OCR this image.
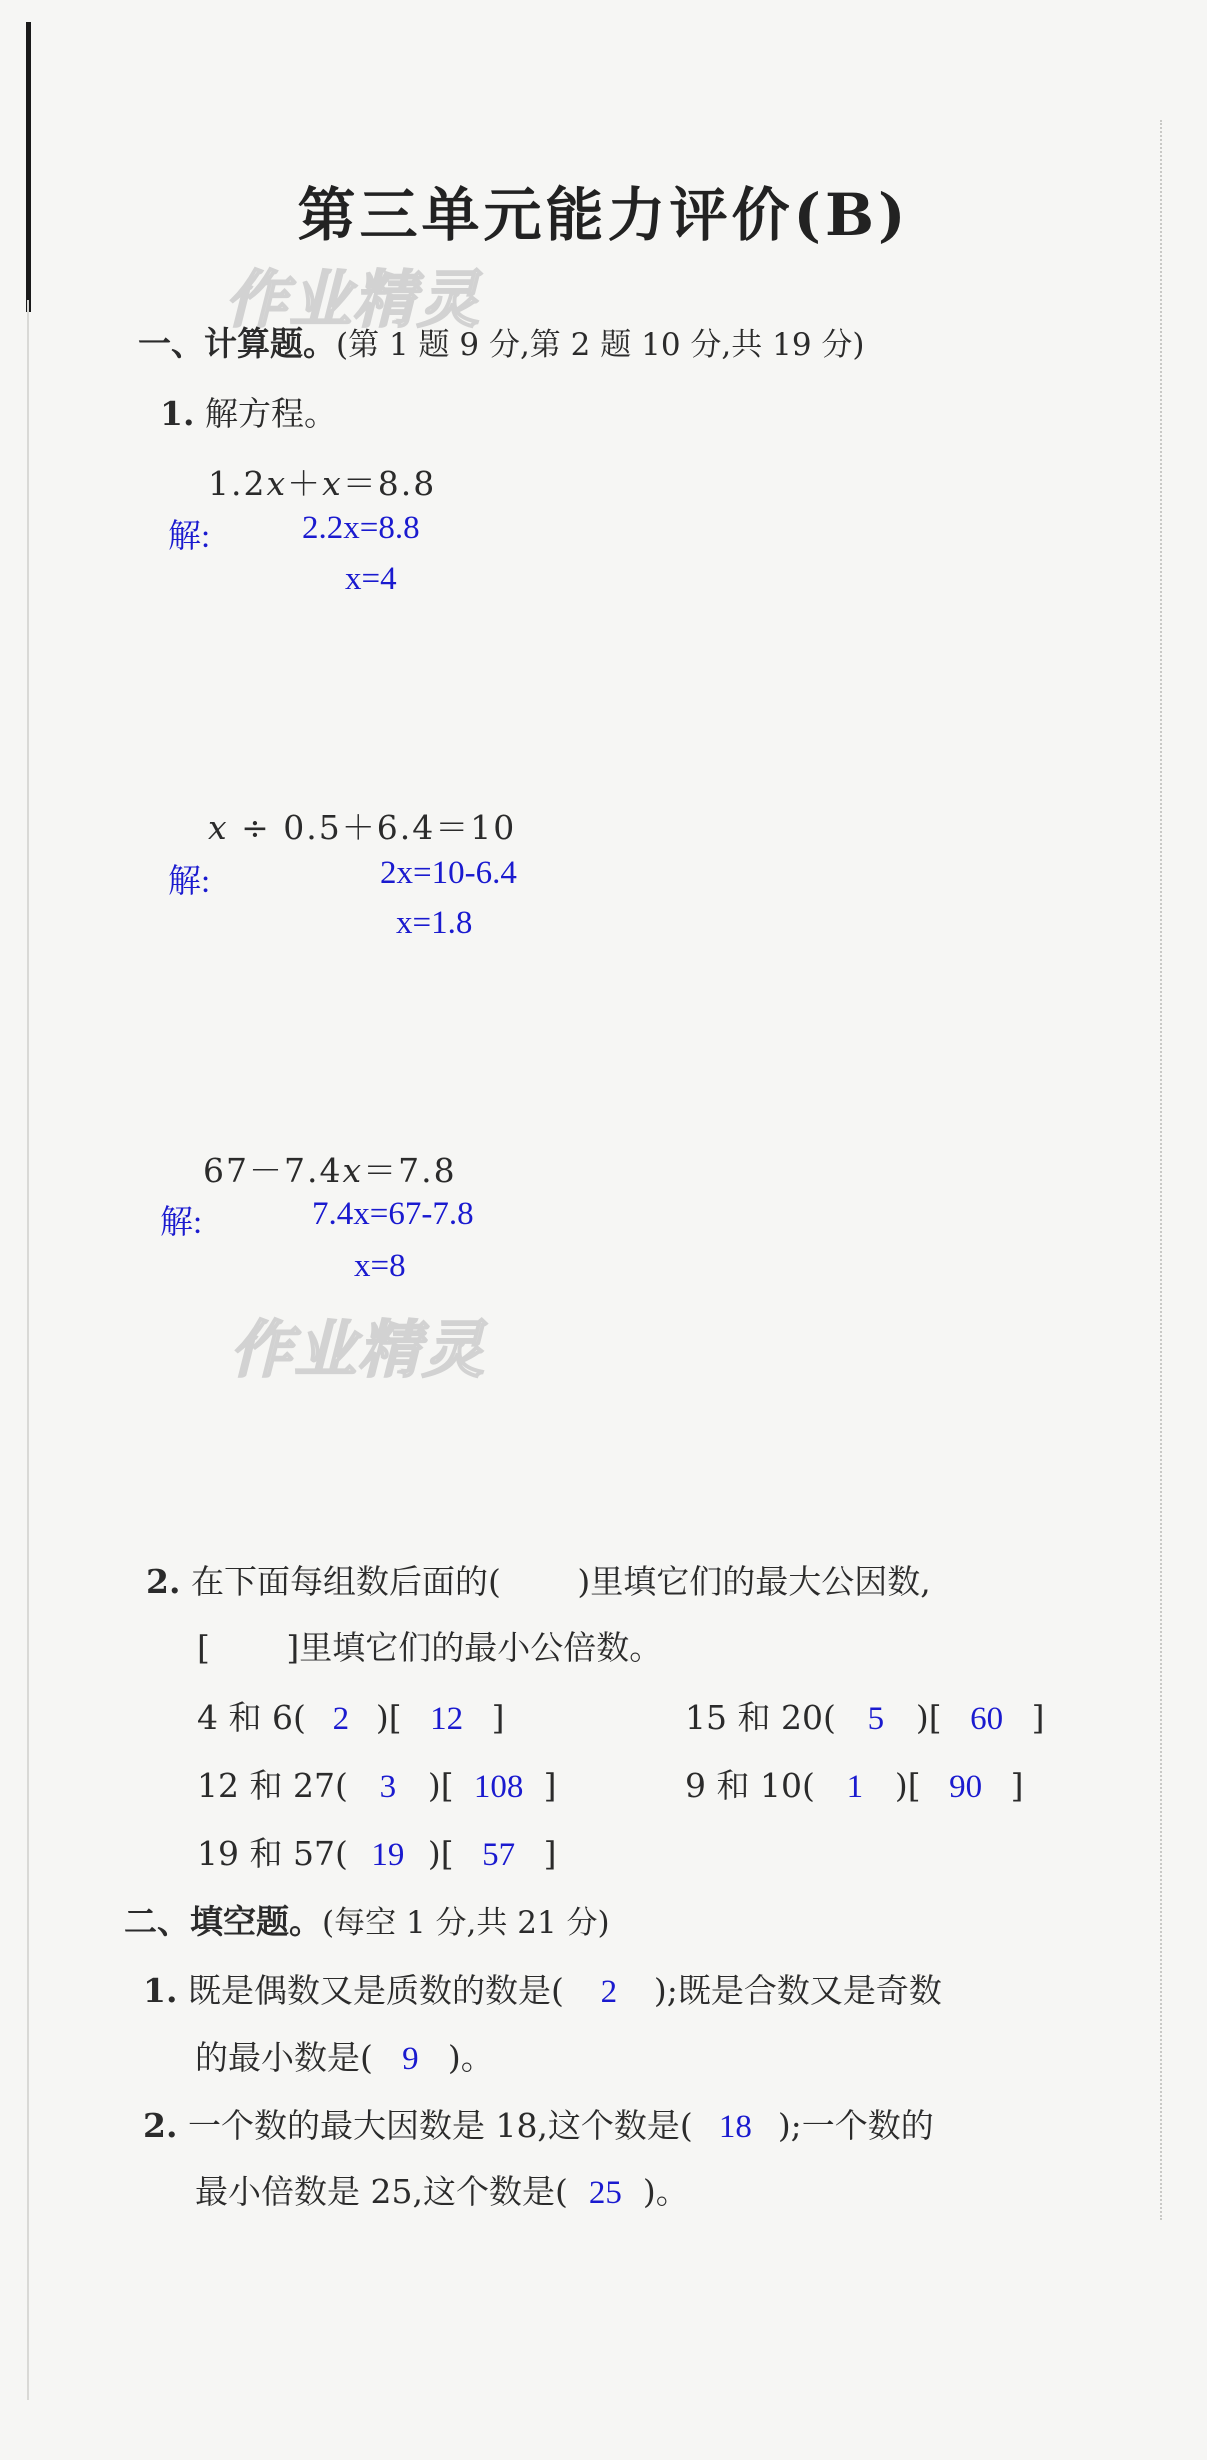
第三单元能力评价(B)
作业精灵
作业精灵
一、计算题。(第 1 题 9 分,第 2 题 10 分,共 19 分)
1. 解方程。
1.2x＋x＝8.8
解:	2.2x=8.8
x=4
x ÷ 0.5＋6.4＝10
解:	2x=10-6.4
x=1.8
67－7.4x＝7.8
解:	7.4x=67-7.8
x=8
2. 在下面每组数后面的(　　 )里填它们的最大公因数,
[　　 ]里填它们的最小公倍数。
4 和 6( 2 )[ 12 ]	15 和 20( 5 )[ 60 ]
12 和 27( 3 )[ 108 ]	9 和 10( 1 )[ 90 ]
19 和 57( 19 )[ 57 ]
二、填空题。(每空 1 分,共 21 分)
1. 既是偶数又是质数的数是( 2 );既是合数又是奇数
的最小数是( 9 )。
2. 一个数的最大因数是 18,这个数是( 18 );一个数的
最小倍数是 25,这个数是( 25 )。
